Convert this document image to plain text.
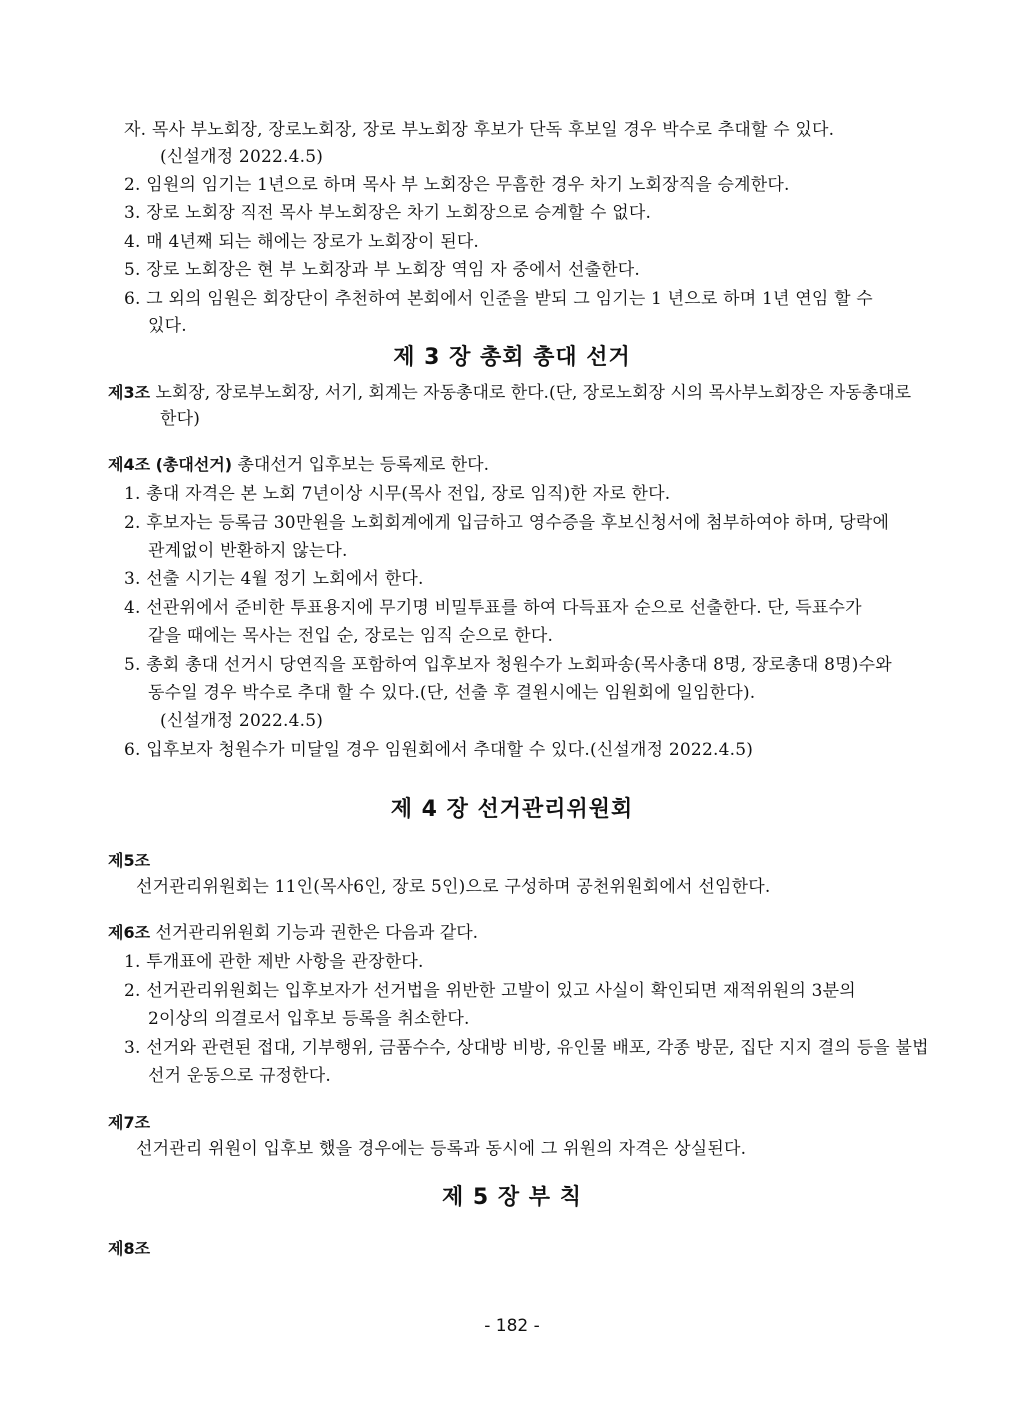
자. 목사 부노회장, 장로노회장, 장로 부노회장 후보가 단독 후보일 경우 박수로 추대할 수 있다.
(신설개정 2022.4.5)
2. 임원의 임기는 1년으로 하며 목사 부 노회장은 무흠한 경우 차기 노회장직을 승계한다.
3. 장로 노회장 직전 목사 부노회장은 차기 노회장으로 승계할 수 없다.
4. 매 4년째 되는 해에는 장로가 노회장이 된다.
5. 장로 노회장은 현 부 노회장과 부 노회장 역임 자 중에서 선출한다.
6. 그 외의 임원은 회장단이 추천하여 본회에서 인준을 받되 그 임기는 1 년으로 하며 1년 연임 할 수
있다.
제 3 장 총회 총대 선거
제3조 노회장, 장로부노회장, 서기, 회계는 자동총대로 한다.(단, 장로노회장 시의 목사부노회장은 자동총대로
한다)
제4조 (총대선거) 총대선거 입후보는 등록제로 한다.
1. 총대 자격은 본 노회 7년이상 시무(목사 전입, 장로 임직)한 자로 한다.
2. 후보자는 등록금 30만원을 노회회계에게 입금하고 영수증을 후보신청서에 첨부하여야 하며, 당락에
관계없이 반환하지 않는다.
3. 선출 시기는 4월 정기 노회에서 한다.
4. 선관위에서 준비한 투표용지에 무기명 비밀투표를 하여 다득표자 순으로 선출한다. 단, 득표수가
같을 때에는 목사는 전입 순, 장로는 임직 순으로 한다.
5. 총회 총대 선거시 당연직을 포함하여 입후보자 청원수가 노회파송(목사총대 8명, 장로총대 8명)수와
동수일 경우 박수로 추대 할 수 있다.(단, 선출 후 결원시에는 임원회에 일임한다).
(신설개정 2022.4.5)
6. 입후보자 청원수가 미달일 경우 임원회에서 추대할 수 있다.(신설개정 2022.4.5)
제 4 장 선거관리위원회
제5조
선거관리위원회는 11인(목사6인, 장로 5인)으로 구성하며 공천위원회에서 선임한다.
제6조 선거관리위원회 기능과 권한은 다음과 같다.
1. 투개표에 관한 제반 사항을 관장한다.
2. 선거관리위원회는 입후보자가 선거법을 위반한 고발이 있고 사실이 확인되면 재적위원의 3분의
2이상의 의결로서 입후보 등록을 취소한다.
3. 선거와 관련된 접대, 기부행위, 금품수수, 상대방 비방, 유인물 배포, 각종 방문, 집단 지지 결의 등을 불법
선거 운동으로 규정한다.
제7조
선거관리 위원이 입후보 했을 경우에는 등록과 동시에 그 위원의 자격은 상실된다.
제 5 장 부 칙
제8조
- 182 -
